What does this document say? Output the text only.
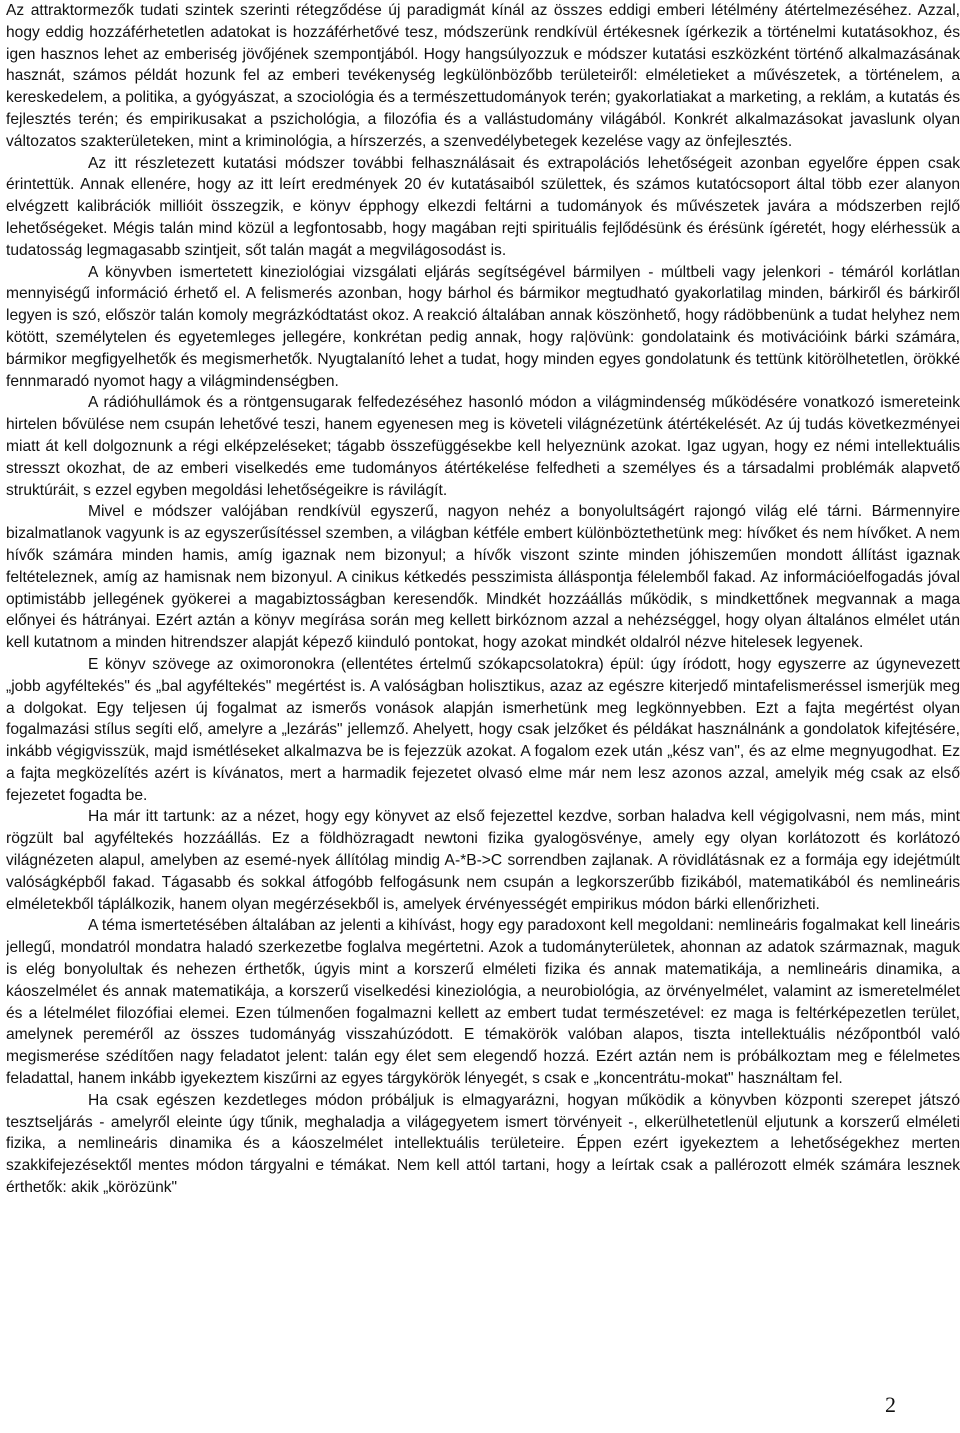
Az attraktormezők tudati szintek szerinti rétegződése új paradigmát kínál az összes eddigi emberi létélmény átértelmezéséhez. Azzal, hogy eddig hozzáférhetetlen adatokat is hozzáférhetővé tesz, módszerünk rendkívül értékesnek ígérkezik a történelmi kutatásokhoz, és igen hasznos lehet az emberiség jövőjének szempontjából. Hogy hangsúlyozzuk e módszer kutatási eszközként történő alkalmazásának hasznát, számos példát hozunk fel az emberi tevékenység legkülönbözőbb területeiről: elméletieket a művészetek, a történelem, a kereskedelem, a politika, a gyógyászat, a szociológia és a természettudományok terén; gyakorlatiakat a marketing, a reklám, a kutatás és fejlesztés terén; és empirikusakat a pszichológia, a filozófia és a vallástudomány világából. Konkrét alkalmazásokat javaslunk olyan változatos szakterületeken, mint a kriminológia, a hírszerzés, a szenvedélybetegek kezelése vagy az önfejlesztés.

Az itt részletezett kutatási módszer további felhasználásait és extrapolációs lehetőségeit azonban egyelőre éppen csak érintettük. Annak ellenére, hogy az itt leírt eredmények 20 év kutatásaiból születtek, és számos kutatócsoport által több ezer alanyon elvégzett kalibrációk millióit összegzik, e könyv épphogy elkezdi feltárni a tudományok és művészetek javára a módszerben rejlő lehetőségeket. Mégis talán mind közül a legfontosabb, hogy magában rejti spirituális fejlődésünk és érésünk ígéretét, hogy elérhessük a tudatosság legmagasabb szintjeit, sőt talán magát a megvilágosodást is.

A könyvben ismertetett kineziológiai vizsgálati eljárás segítségével bármilyen - múltbeli vagy jelenkori - témáról korlátlan mennyiségű információ érhető el. A felismerés azonban, hogy bárhol és bármikor megtudható gyakorlatilag minden, bárkiről és bárkiről legyen is szó, először talán komoly megrázkódtatást okoz. A reakció általában annak köszönhető, hogy rádöbbenünk a tudat helyhez nem kötött, személytelen és egyetemleges jellegére, konkrétan pedig annak, hogy ra|övünk: gondolataink és motivációink bárki számára, bármikor megfigyelhetők és megismerhetők. Nyugtalanító lehet a tudat, hogy minden egyes gondolatunk és tettünk kitörölhetetlen, örökké fennmaradó nyomot hagy a világmindenségben.

A rádióhullámok és a röntgensugarak felfedezéséhez hasonló módon a világmindenség működésére vonatkozó ismereteink hirtelen bővülése nem csupán lehetővé teszi, hanem egyenesen meg is követeli világnézetünk átértékelését. Az új tudás következményei miatt át kell dolgoznunk a régi elképzeléseket; tágabb összefüggésekbe kell helyeznünk azokat. Igaz ugyan, hogy ez némi intellektuális stresszt okozhat, de az emberi viselkedés eme tudományos átértékelése felfedheti a személyes és a társadalmi problémák alapvető struktúráit, s ezzel egyben megoldási lehetőségeikre is rávilágít.

Mivel e módszer valójában rendkívül egyszerű, nagyon nehéz a bonyolultságért rajongó világ elé tárni. Bármennyire bizalmatlanok vagyunk is az egyszerűsítéssel szemben, a világban kétféle embert különböztethetünk meg: hívőket és nem hívőket. A nem hívők számára minden hamis, amíg igaznak nem bizonyul; a hívők viszont szinte minden jóhiszeműen mondott állítást igaznak feltételeznek, amíg az hamisnak nem bizonyul. A cinikus kétkedés pesszimista álláspontja félelemből fakad. Az információelfogadás jóval optimistább jellegének gyökerei a magabiztosságban keresendők. Mindkét hozzáállás működik, s mindkettőnek megvannak a maga előnyei és hátrányai. Ezért aztán a könyv megírása során meg kellett birkóznom azzal a nehézséggel, hogy olyan általános elmélet után kell kutatnom a minden hitrendszer alapját képező kiinduló pontokat, hogy azokat mindkét oldalról nézve hitelesek legyenek.

E könyv szövege az oximoronokra (ellentétes értelmű szókapcsolatokra) épül: úgy íródott, hogy egyszerre az úgynevezett „jobb agyféltekés" és „bal agyféltekés" megértést is. A valóságban holisztikus, azaz az egészre kiterjedő mintafelismeréssel ismerjük meg a dolgokat. Egy teljesen új fogalmat az ismerős vonások alapján ismerhetünk meg legkönnyebben. Ezt a fajta megértést olyan fogalmazási stílus segíti elő, amelyre a „lezárás" jellemző. Ahelyett, hogy csak jelzőket és példákat használnánk a gondolatok kifejtésére, inkább végigvisszük, majd ismétléseket alkalmazva be is fejezzük azokat. A fogalom ezek után „kész van", és az elme megnyugodhat. Ez a fajta megközelítés azért is kívánatos, mert a harmadik fejezetet olvasó elme már nem lesz azonos azzal, amelyik még csak az első fejezetet fogadta be.

Ha már itt tartunk: az a nézet, hogy egy könyvet az első fejezettel kezdve, sorban haladva kell végigolvasni, nem más, mint rögzült bal agyféltekés hozzáállás. Ez a földhözragadt newtoni fizika gyalogösvénye, amely egy olyan korlátozott és korlátozó világnézeten alapul, amelyben az esemé-nyek állítólag mindig A-*B->C sorrendben zajlanak. A rövidlátásnak ez a formája egy idejétmúlt valóságképből fakad. Tágasabb és sokkal átfogóbb felfogásunk nem csupán a legkorszerűbb fizikából, matematikából és nemlineáris elméletekből táplálkozik, hanem olyan megérzésekből is, amelyek érvényességét empirikus módon bárki ellenőrizheti.

A téma ismertetésében általában az jelenti a kihívást, hogy egy paradoxont kell megoldani: nemlineáris fogalmakat kell lineáris jellegű, mondatról mondatra haladó szerkezetbe foglalva megértetni. Azok a tudományterületek, ahonnan az adatok származnak, maguk is elég bonyolultak és nehezen érthetők, úgyis mint a korszerű elméleti fizika és annak matematikája, a nemlineáris dinamika, a káoszelmélet és annak matematikája, a korszerű viselkedési kineziológia, a neurobiológia, az örvényelmélet, valamint az ismeretelmélet és a lételmélet filozófiai elemei. Ezen túlmenően fogalmazni kellett az embert tudat természetével: ez maga is feltérképezetlen terület, amelynek pereméről az összes tudományág visszahúzódott. E témakörök valóban alapos, tiszta intellektuális nézőpontból való megismerése szédítően nagy feladatot jelent: talán egy élet sem elegendő hozzá. Ezért aztán nem is próbálkoztam meg e félelmetes feladattal, hanem inkább igyekeztem kiszűrni az egyes tárgykörök lényegét, s csak e „koncentrátu-mokat" használtam fel.

Ha csak egészen kezdetleges módon próbáljuk is elmagyarázni, hogyan működik a könyvben központi szerepet játszó tesztseljárás - amelyről eleinte úgy tűnik, meghaladja a világegyetem ismert törvényeit -, elkerülhetetlenül eljutunk a korszerű elméleti fizika, a nemlineáris dinamika és a káoszelmélet intellektuális területeire. Éppen ezért igyekeztem a lehetőségekhez merten szakkifejezésektől mentes módon tárgyalni e témákat. Nem kell attól tartani, hogy a leírtak csak a pallérozott elmék számára lesznek érthetők: akik „körözünk"

2
